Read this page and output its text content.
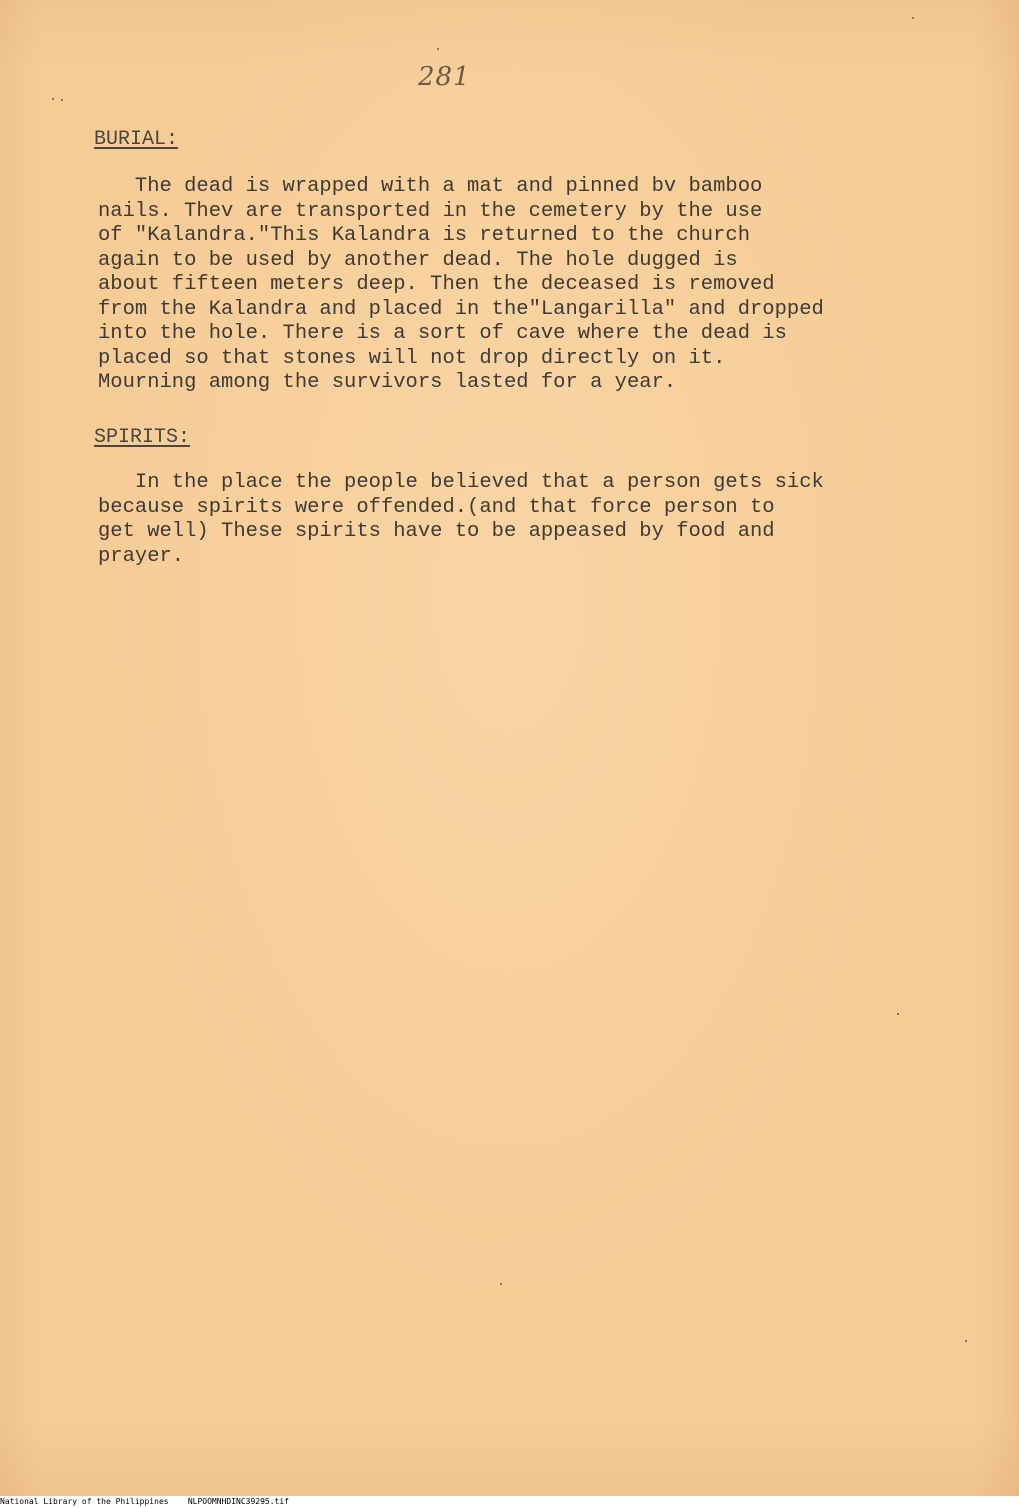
281
BURIAL:
The dead is wrapped with a mat and pinned bv bamboo
nails. Thev are transported in the cemetery by the use
of "Kalandra."This Kalandra is returned to the church
again to be used by another dead. The hole dugged is
about fifteen meters deep. Then the deceased is removed
from the Kalandra and placed in the"Langarilla" and dropped
into the hole. There is a sort of cave where the dead is
placed so that stones will not drop directly on it.
Mourning among the survivors lasted for a year.
SPIRITS:
In the place the people believed that a person gets sick
because spirits were offended.(and that force person to
get well) These spirits have to be appeased by food and
prayer.
National Library of the Philippines    NLPOOMNHDINC39295.tif
